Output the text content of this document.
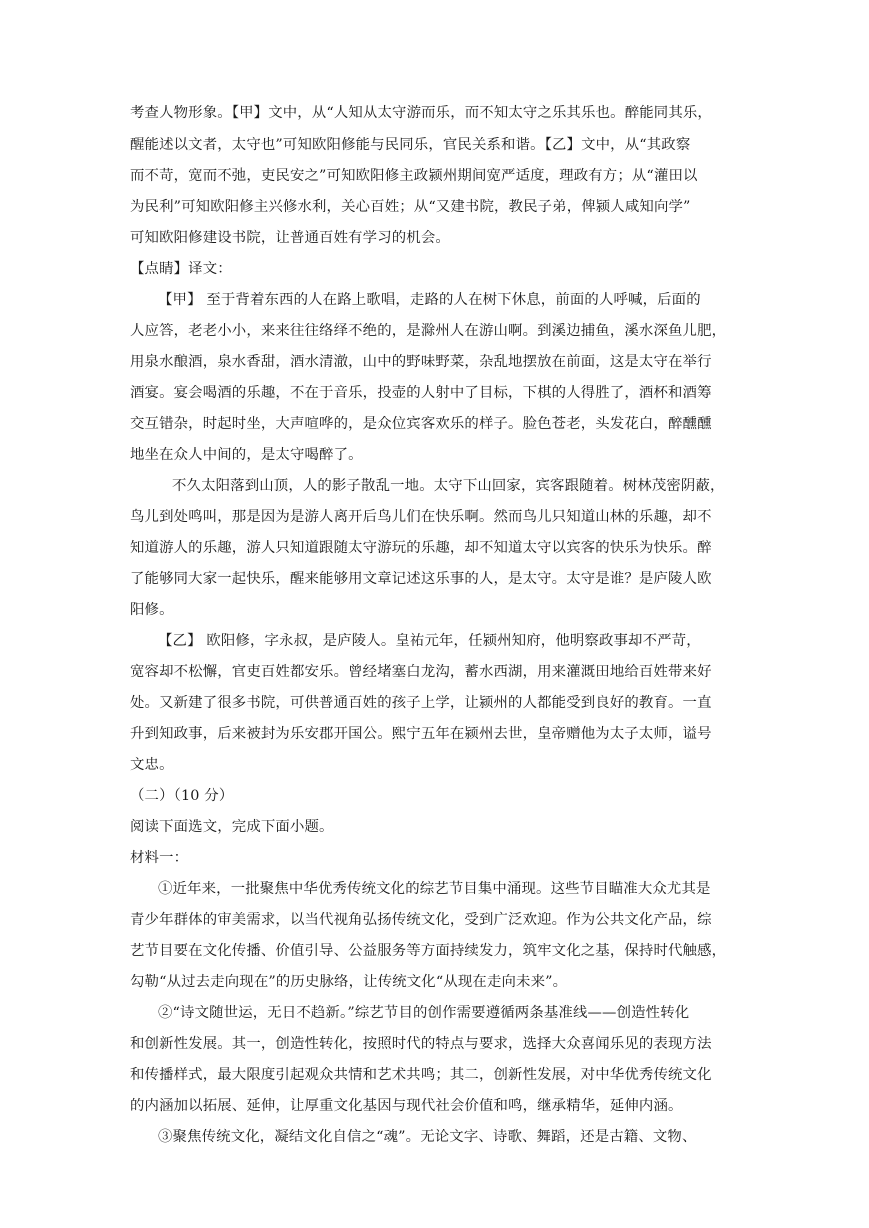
考查人物形象。【甲】文中，从“人知从太守游而乐，而不知太守之乐其乐也。醉能同其乐，
醒能述以文者，太守也”可知欧阳修能与民同乐，官民关系和谐。【乙】文中，从“其政察
而不苛，宽而不弛，吏民安之”可知欧阳修主政颍州期间宽严适度，理政有方；从“灌田以
为民利”可知欧阳修主兴修水利，关心百姓；从“又建书院，教民子弟，俾颍人咸知向学”
可知欧阳修建设书院，让普通百姓有学习的机会。
【点睛】译文：
【甲】 至于背着东西的人在路上歌唱，走路的人在树下休息，前面的人呼喊，后面的
人应答，老老小小，来来往往络绎不绝的，是滁州人在游山啊。到溪边捕鱼，溪水深鱼儿肥，
用泉水酿酒，泉水香甜，酒水清澈，山中的野味野菜，杂乱地摆放在前面，这是太守在举行
酒宴。宴会喝酒的乐趣，不在于音乐，投壶的人射中了目标，下棋的人得胜了，酒杯和酒筹
交互错杂，时起时坐，大声喧哗的，是众位宾客欢乐的样子。脸色苍老，头发花白，醉醺醺
地坐在众人中间的，是太守喝醉了。
不久太阳落到山顶，人的影子散乱一地。太守下山回家，宾客跟随着。树林茂密阴蔽，
鸟儿到处鸣叫，那是因为是游人离开后鸟儿们在快乐啊。然而鸟儿只知道山林的乐趣，却不
知道游人的乐趣，游人只知道跟随太守游玩的乐趣，却不知道太守以宾客的快乐为快乐。醉
了能够同大家一起快乐，醒来能够用文章记述这乐事的人，是太守。太守是谁？是庐陵人欧
阳修。
【乙】 欧阳修，字永叔，是庐陵人。皇祐元年，任颍州知府，他明察政事却不严苛，
宽容却不松懈，官吏百姓都安乐。曾经堵塞白龙沟，蓄水西湖，用来灌溉田地给百姓带来好
处。又新建了很多书院，可供普通百姓的孩子上学，让颍州的人都能受到良好的教育。一直
升到知政事，后来被封为乐安郡开国公。熙宁五年在颍州去世，皇帝赠他为太子太师，谥号
文忠。
（二）（10 分）
阅读下面选文，完成下面小题。
材料一：
①近年来，一批聚焦中华优秀传统文化的综艺节目集中涌现。这些节目瞄准大众尤其是
青少年群体的审美需求，以当代视角弘扬传统文化，受到广泛欢迎。作为公共文化产品，综
艺节目要在文化传播、价值引导、公益服务等方面持续发力，筑牢文化之基，保持时代触感，
勾勒“从过去走向现在”的历史脉络，让传统文化“从现在走向未来”。
②“诗文随世运，无日不趋新。”综艺节目的创作需要遵循两条基准线——创造性转化
和创新性发展。其一，创造性转化，按照时代的特点与要求，选择大众喜闻乐见的表现方法
和传播样式，最大限度引起观众共情和艺术共鸣；其二，创新性发展，对中华优秀传统文化
的内涵加以拓展、延伸，让厚重文化基因与现代社会价值和鸣，继承精华，延伸内涵。
③聚焦传统文化，凝结文化自信之“魂”。无论文字、诗歌、舞蹈，还是古籍、文物、
